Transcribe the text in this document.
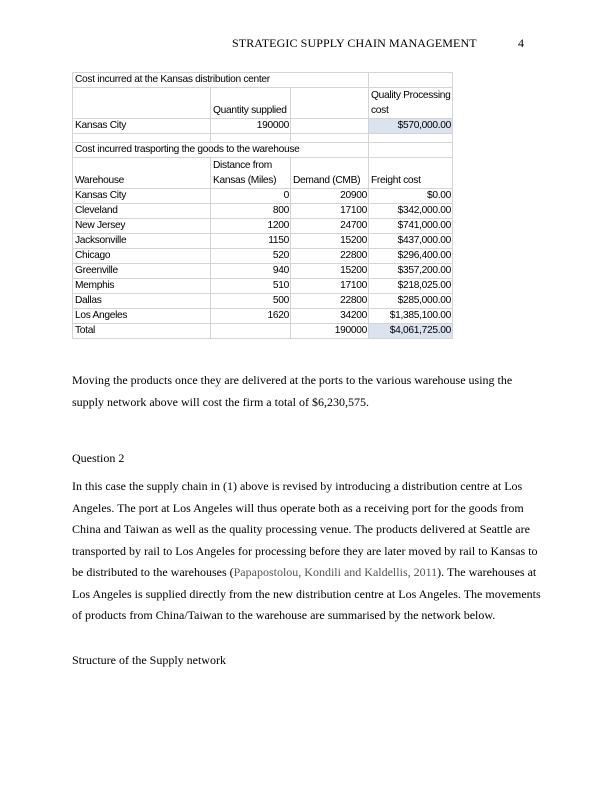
STRATEGIC SUPPLY CHAIN MANAGEMENT	4
Cost incurred at the Kansas distribution center			
	Quantity supplied		Quality Processing cost
Kansas City	190000		$570,000.00

Cost incurred trasporting the goods to the warehouse			
Warehouse	Distance from Kansas (Miles)	Demand (CMB)	Freight cost
Kansas City	0	20900	$0.00
Cleveland	800	17100	$342,000.00
New Jersey	1200	24700	$741,000.00
Jacksonville	1150	15200	$437,000.00
Chicago	520	22800	$296,400.00
Greenville	940	15200	$357,200.00
Memphis	510	17100	$218,025.00
Dallas	500	22800	$285,000.00
Los Angeles	1620	34200	$1,385,100.00
Total		190000	$4,061,725.00
Moving the products once they are delivered at the ports to the various warehouse using the supply network above will cost the firm a total of $6,230,575.
Question 2
In this case the supply chain in (1) above is revised by introducing a distribution centre at Los Angeles. The port at Los Angeles will thus operate both as a receiving port for the goods from China and Taiwan as well as the quality processing venue. The products delivered at Seattle are transported by rail to Los Angeles for processing before they are later moved by rail to Kansas to be distributed to the warehouses (Papapostolou, Kondili and Kaldellis, 2011). The warehouses at Los Angeles is supplied directly from the new distribution centre at Los Angeles. The movements of products from China/Taiwan to the warehouse are summarised by the network below.
Structure of the Supply network
